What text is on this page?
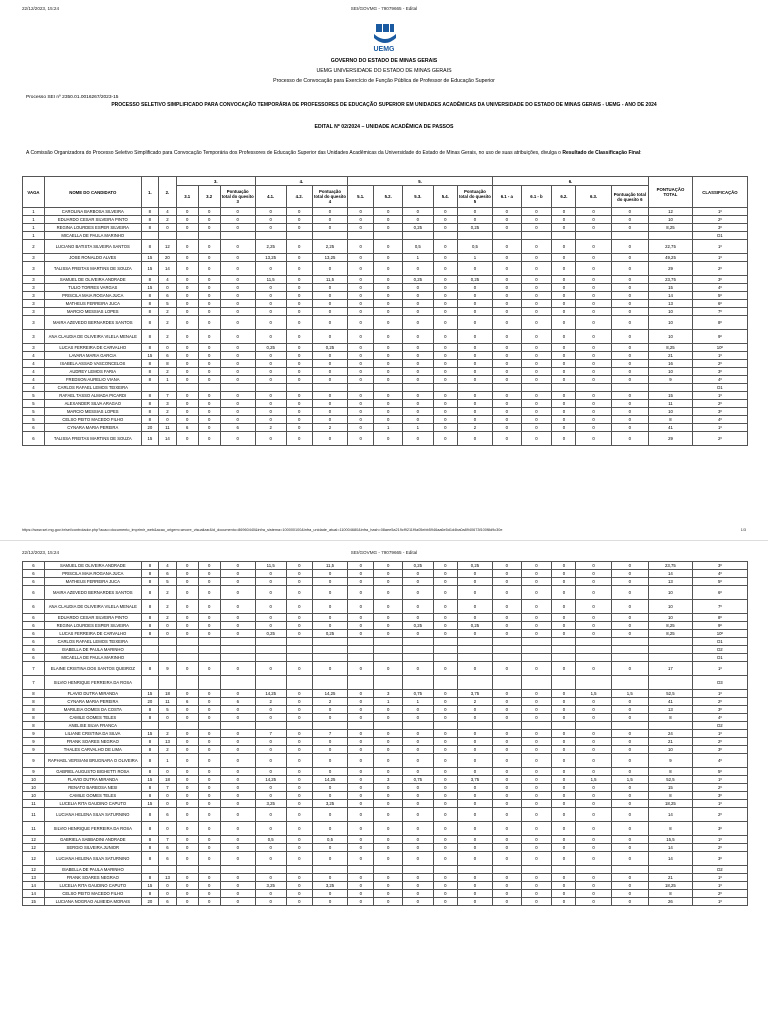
22/12/2023, 15:24	SEI/GOVMG - 79079665 - Edital
UEMG
GOVERNO DO ESTADO DE MINAS GERAIS
UEMG UNIVERSIDADE DO ESTADO DE MINAS GERAIS
Processo de Convocação para Exercício de Função Pública de Professor de Educação Superior
Processo SEI nº 2350.01.0016267/2023-15
PROCESSO SELETIVO SIMPLIFICADO PARA CONVOCAÇÃO TEMPORÁRIA DE PROFESSORES DE EDUCAÇÃO SUPERIOR EM UNIDADES ACADÊMICAS DA UNIVERSIDADE DO ESTADO DE MINAS GERAIS - UEMG - ANO DE 2024
EDITAL Nº 02/2024 – UNIDADE ACADÊMICA DE PASSOS
A Comissão Organizadora do Processo Seletivo Simplificado para Convocação Temporária dos Professores de Educação Superior das Unidades Acadêmicas da Universidade do Estado de Minas Gerais, no uso de suas atribuições, divulga o Resultado de Classificação Final:
VAGA	NOME DO CANDIDATO	1.	2.	3.			4.			5.					6.					PONTUAÇÃO TOTAL	CLASSIFICAÇÃO
				3.1	3.2	Pontuação total do quesito 3	4.1.	4.2.	Pontuação total do quesito 4	5.1.	5.2.	5.3.	5.4.	Pontuação total do quesito 5	6.1 - a	6.1 - b	6.2.	6.3.	Pontuação total do quesito 6		
1	CAROLINA BARBOSA SILVEIRA	8	4	0	0	0	0	0	0	0	0	0	0	0	0	0	0	0	0	12	1º
1	EDUARDO CESAR SILVEIRA PINTO	8	2	0	0	0	0	0	0	0	0	0	0	0	0	0	0	0	0	10	2º
1	REGINA LOURDES ESPER SILVEIRA	8	0	0	0	0	0	0	0	0	0	0,25	0	0,25	0	0	0	0	0	8,25	3º
1	MICAELLA DE PAULA MARINHO																				D1
2	LUCIANO BATISTA SILVEIRA SANTOS	8	12	0	0	0	2,25	0	2,25	0	0	0,5	0	0,5	0	0	0	0	0	22,75	1º
3	JOSE RONALDO ALVES	15	20	0	0	0	13,25	0	13,25	0	0	1	0	1	0	0	0	0	0	49,25	1º
3	TALISSA FREITAS MARTINS DE SOUZA	15	14	0	0	0	0	0	0	0	0	0	0	0	0	0	0	0	0	29	2º
3	SAMUEL DE OLIVEIRA ANDRADE	8	4	0	0	0	11,5	0	11,5	0	0	0,25	0	0,25	0	0	0	0	0	23,75	3º
3	TULIO TORRES VARGAS	15	0	0	0	0	0	0	0	0	0	0	0	0	0	0	0	0	0	15	4º
3	PRISCILA MAIA ROGANA JUCA	8	6	0	0	0	0	0	0	0	0	0	0	0	0	0	0	0	0	14	5º
3	MATHEUS FERREIRA JUCA	8	5	0	0	0	0	0	0	0	0	0	0	0	0	0	0	0	0	13	6º
3	MARCIO MESSIAS LOPES	8	2	0	0	0	0	0	0	0	0	0	0	0	0	0	0	0	0	10	7º
3	MAIRA AZEVEDO BERNARDES SANTOS	8	2	0	0	0	0	0	0	0	0	0	0	0	0	0	0	0	0	10	8º
3	ANA CLAUDIA DE OLIVEIRA VILELA MENALE	8	2	0	0	0	0	0	0	0	0	0	0	0	0	0	0	0	0	10	9º
3	LUCAS FERREIRA DE CARVALHO	8	0	0	0	0	0,25	0	0,25	0	0	0	0	0	0	0	0	0	0	8,25	10º
4	LAVARA MARIA GARCIA	15	6	0	0	0	0	0	0	0	0	0	0	0	0	0	0	0	0	21	1º
4	ISABELA ASSAD VASCONCELOS	8	8	0	0	0	0	0	0	0	0	0	0	0	0	0	0	0	0	16	2º
4	AUDREY LEMOS FARIA	8	2	0	0	0	0	0	0	0	0	0	0	0	0	0	0	0	0	10	3º
4	FREDSON AURELIO VIANA	8	1	0	0	0	0	0	0	0	0	0	0	0	0	0	0	0	0	9	4º
4	CARLOS RAFAEL LEMOS TEIXEIRA																				D1
5	RAFAEL TASSO ALMADA PICARDI	8	7	0	0	0	0	0	0	0	0	0	0	0	0	0	0	0	0	15	1º
5	ALEXANDER SILVA ARAGAO	8	3	0	0	0	0	0	0	0	0	0	0	0	0	0	0	0	0	11	2º
5	MARCIO MESSIAS LOPES	8	2	0	0	0	0	0	0	0	0	0	0	0	0	0	0	0	0	10	3º
5	CELSO PEITO MACEDO FILHO	8	0	0	0	0	0	0	0	0	0	0	0	0	0	0	0	0	0	8	4º
6	CYNARA MARIA PEREIRA	20	11	6	0	6	2	0	2	0	1	1	0	2	0	0	0	0	0	41	1º
6	TALISSA FREITAS MARTINS DE SOUZA	15	14	0	0	0	0	0	0	0	0	0	0	0	0	0	0	0	0	29	2º
https://www.sei.mg.gov.br/sei/controlador.php?acao=documento_imprimir_web&acao_origem=arvore_visualizar&id_documento=86960440&infra_sistema=100000100&infra_unidade_atual=110004680&infra_hash=08aee5a219cf9211f9a05ebb5946aa6e5d1d4ba0a8940673f100f8d9c30e	1/3
22/12/2023, 15:24	SEI/GOVMG - 79079665 - Edital
6	SAMUEL DE OLIVEIRA ANDRADE	8	4	0	0	0	11,5	0	11,5	0	0	0,25	0	0,25	0	0	0	0	0	23,75	3º
6	PRISCILA MAIA ROGANA JUCA	8	6	0	0	0	0	0	0	0	0	0	0	0	0	0	0	0	0	14	4º
6	MATHEUS FERREIRA JUCA	8	5	0	0	0	0	0	0	0	0	0	0	0	0	0	0	0	0	13	5º
6	MAIRA AZEVEDO BERNARDES SANTOS	8	2	0	0	0	0	0	0	0	0	0	0	0	0	0	0	0	0	10	6º
6	ANA CLAUDIA DE OLIVEIRA VILELA MENALE	8	2	0	0	0	0	0	0	0	0	0	0	0	0	0	0	0	0	10	7º
6	EDUARDO CESAR SILVEIRA PINTO	8	2	0	0	0	0	0	0	0	0	0	0	0	0	0	0	0	0	10	8º
6	REGINA LOURDES ESPER SILVEIRA	8	0	0	0	0	0	0	0	0	0	0,25	0	0,25	0	0	0	0	0	8,25	9º
6	LUCAS FERREIRA DE CARVALHO	8	0	0	0	0	0,25	0	0,25	0	0	0	0	0	0	0	0	0	0	8,25	10º
6	CARLOS RAFAEL LEMOS TEIXEIRA																				D1
6	ISABELLA DE PAULA MARINHO																				D2
6	MICAELLA DE PAULA MARINHO																				D1
7	ELAINE CRISTINA DOS SANTOS QUEIROZ	8	9	0	0	0	0	0	0	0	0	0	0	0	0	0	0	0	0	17	1º
7	SILVIO HENRIQUE FERREIRA DA ROSA																				D3
8	FLAVIO DUTRA MIRANDA	15	18	0	0	0	14,25	0	14,25	0	3	0,75	0	3,75	0	0	0	1,5	1,5	52,5	1º
8	CYNARA MARIA PEREIRA	20	11	6	0	6	2	0	2	0	1	1	0	2	0	0	0	0	0	41	2º
8	MARILEIA GOMES DA COSTA	8	5	0	0	0	0	0	0	0	0	0	0	0	0	0	0	0	0	13	3º
8	CAMILE GOMES TELES	8	0	0	0	0	0	0	0	0	0	0	0	0	0	0	0	0	0	8	4º
8	ANELISE SILVA FRANCA																				D2
9	LILIANE CRISTINA DA SILVA	15	2	0	0	0	7	0	7	0	0	0	0	0	0	0	0	0	0	24	1º
9	FRANK SOARES NEGRAO	8	13	0	0	0	0	0	0	0	0	0	0	0	0	0	0	0	0	21	2º
9	THALES CARVALHO DE LIMA	8	2	0	0	0	0	0	0	0	0	0	0	0	0	0	0	0	0	10	3º
9	RAPHAEL VERSIANI BRUGNARA O OLIVEIRA	8	1	0	0	0	0	0	0	0	0	0	0	0	0	0	0	0	0	9	4º
9	GABRIEL AUGUSTO BIGHETTI ROSA	8	0	0	0	0	0	0	0	0	0	0	0	0	0	0	0	0	0	8	5º
10	FLAVIO DUTRA MIRANDA	15	18	0	0	0	14,25	0	14,25	0	3	0,75	0	3,75	0	0	0	1,5	1,5	52,5	1º
10	RENATO BARBOSA NESI	8	7	0	0	0	0	0	0	0	0	0	0	0	0	0	0	0	0	15	2º
10	CAMILE GOMES TELES	8	0	0	0	0	0	0	0	0	0	0	0	0	0	0	0	0	0	8	3º
11	LUCELIA RITA GAUDINO CAPUTO	15	0	0	0	0	3,25	0	3,25	0	0	0	0	0	0	0	0	0	0	18,25	1º
11	LUCIANA HELENA SILVA SATURNINO	8	6	0	0	0	0	0	0	0	0	0	0	0	0	0	0	0	0	14	2º
11	SILVIO HENRIQUE FERREIRA DA ROSA	8	0	0	0	0	0	0	0	0	0	0	0	0	0	0	0	0	0	8	3º
12	GABRIELA SABBADINI ANDRADE	8	7	0	0	0	0,5	0	0,5	0	0	0	0	0	0	0	0	0	0	15,5	1º
12	SERGIO SILVEIRA JUNIOR	8	6	0	0	0	0	0	0	0	0	0	0	0	0	0	0	0	0	14	2º
12	LUCIANA HELENA SILVA SATURNINO	8	6	0	0	0	0	0	0	0	0	0	0	0	0	0	0	0	0	14	3º
12	ISABELLA DE PAULA MARINHO																				D2
13	FRANK SOARES NEGRAO	8	13	0	0	0	0	0	0	0	0	0	0	0	0	0	0	0	0	21	1º
14	LUCELIA RITA GAUDINO CAPUTO	15	0	0	0	0	3,25	0	3,25	0	0	0	0	0	0	0	0	0	0	18,25	1º
14	CELSO PEITO MACEDO FILHO	8	0	0	0	0	0	0	0	0	0	0	0	0	0	0	0	0	0	8	2º
15	LUCIANA NOGRAO ALMEIDA MORAIS	20	6	0	0	0	0	0	0	0	0	0	0	0	0	0	0	0	0	26	1º
